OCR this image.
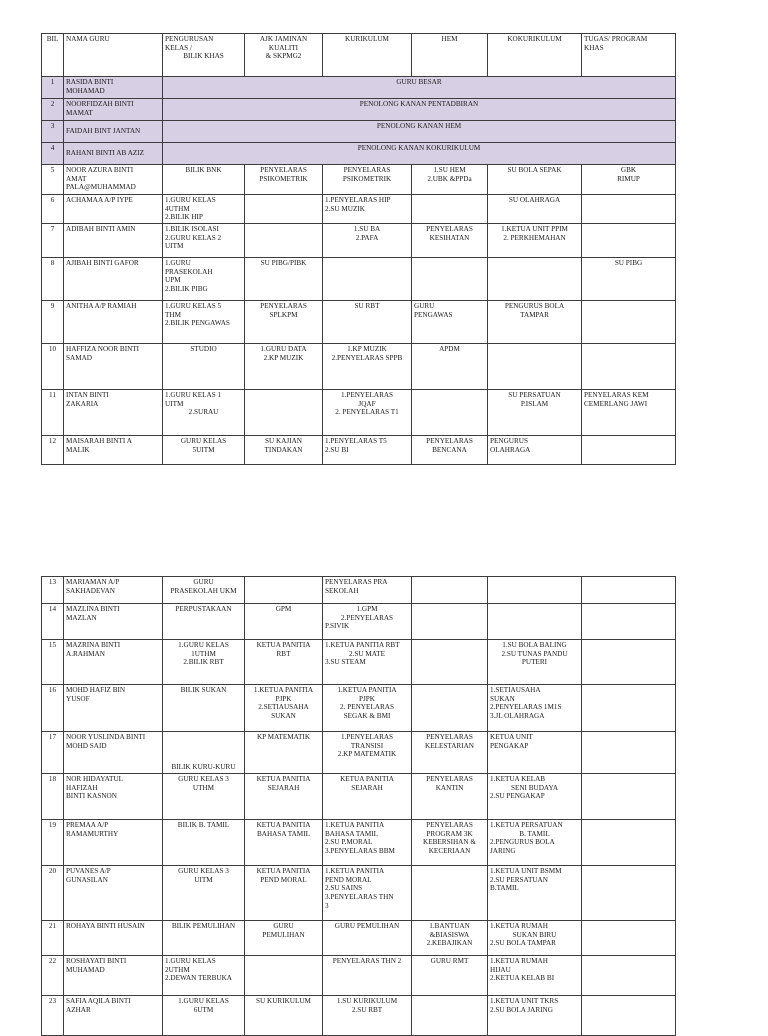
BIL	NAMA GURU	PENGURUSAN
KELAS /
BILIK KHAS	AJK JAMINAN
KUALITI
& SKPMG2	KURIKULUM	HEM	KOKURIKULUM	TUGAS/ PROGRAM
KHAS

1	RASIDA BINTI
MOHAMAD	GURU BESAR					
2	NOORFIDZAH BINTI
MAMAT	PENOLONG KANAN PENTADBIRAN					
3	FAIDAH BINT JANTAN	PENOLONG KANAN HEM					
4	RAHANI BINTI AB AZIZ	PENOLONG KANAN KOKURIKULUM					
5	NOOR AZURA BINTI
AMAT
PALA@MUHAMMAD	BILIK BNK	PENYELARAS
PSIKOMETRIK	PENYELARAS
PSIKOMETRIK	1.SU HEM
2.UBK &PPDa	SU BOLA SEPAK	GBK
RIMUP

6	ACHAMAA A/P IYPE	1.GURU KELAS
4UTHM
2.BILIK HIP		1.PENYELARAS HIP
2.SU MUZIK		SU OLAHRAGA	

7	ADIBAH BINTI AMIN	1.BILIK ISOLASI
2.GURU KELAS 2
UITM		1.SU BA
2.PAFA	PENYELARAS
KESIHATAN	1.KETUA UNIT PPIM
2. PERKHEMAHAN	

8	AJIBAH BINTI GAFOR	1.GURU
PRASEKOLAH
UPM
2.BILIK PIBG	SU PIBG/PIBK				SU PIBG

9	ANITHA A/P RAMIAH	1.GURU KELAS 5
THM
2.BILIK PENGAWAS	PENYELARAS
SPLKPM	SU RBT	GURU
PENGAWAS	PENGURUS BOLA
TAMPAR	

10	HAFFIZA NOOR BINTI
SAMAD	STUDIO	1.GURU DATA
2.KP MUZIK	1.KP MUZIK
2.PENYELARAS SPPB	APDM		

11	INTAN BINTI
ZAKARIA	1.GURU KELAS 1
UITM
2.SURAU		1.PENYELARAS
JQAF
2. PENYELARAS T1		SU PERSATUAN
P.ISLAM	PENYELARAS KEM
CEMERLANG JAWI

12	MAISARAH BINTI A
MALIK	GURU KELAS
5UITM	SU KAJIAN
TINDAKAN	1.PENYELARAS T5
2.SU BI	PENYELARAS
BENCANA	PENGURUS
OLAHRAGA	

13	MARIAMAN A/P
SAKHADEVAN	GURU
PRASEKOLAH UKM		PENYELARAS PRA
SEKOLAH			

14	MAZLINA BINTI
MAZLAN	PERPUSTAKAAN	GPM	1.GPM
2.PENYELARAS
P.SIVIK			

15	MAZRINA BINTI
A.RAHMAN	1.GURU KELAS
1UTHM
2.BILIK RBT	KETUA PANITIA
RBT	1.KETUA PANITIA RBT
2.SU MATE
3.SU STEAM		1.SU BOLA BALING
2.SU TUNAS PANDU
PUTERI	

16	MOHD HAFIZ BIN
YUSOF	BILIK SUKAN	1.KETUA PANITIA
PJPK
2.SETIAUSAHA
SUKAN	1.KETUA PANITIA
PJPK
2. PENYELARAS
SEGAK & BMI		1.SETIAUSAHA
SUKAN
2.PENYELARAS 1M1S
3.JL OLAHRAGA	

17	NOOR YUSLINDA BINTI
MOHD SAID	BILIK KURU-KURU	KP MATEMATIK	1.PENYELARAS
TRANSISI
2.KP MATEMATIK	PENYELARAS
KELESTARIAN	KETUA UNIT
PENGAKAP	

18	NOR HIDAYATUL
HAFIZAH
BINTI KASNON	GURU KELAS 3
UTHM	KETUA PANITIA
SEJARAH	KETUA PANITIA
SEJARAH	PENYELARAS
KANTIN	1.KETUA KELAB
SENI BUDAYA
2.SU PENGAKAP	

19	PREMAA A/P
RAMAMURTHY	BILIK B. TAMIL	KETUA PANITIA
BAHASA TAMIL	1.KETUA PANITIA
BAHASA TAMIL
2.SU P.MORAL
3.PENYELARAS BBM	PENYELARAS
PROGRAM 3K
KEBERSIHAN &
KECERIAAN	1.KETUA PERSATUAN
B. TAMIL
2.PENGURUS BOLA
JARING	

20	PUVANES A/P
GUNASILAN	GURU KELAS 3
UITM	KETUA PANITIA
PEND MORAL	1.KETUA PANITIA
PEND MORAL
2.SU SAINS
3.PENYELARAS THN
3		1.KETUA UNIT BSMM
2.SU PERSATUAN
B.TAMIL	

21	ROHAYA BINTI HUSAIN	BILIK PEMULIHAN	GURU
PEMULIHAN	GURU PEMULIHAN	1.BANTUAN
&BIASISWA
2.KEBAJIKAN	1.KETUA RUMAH
SUKAN BIRU
2.SU BOLA TAMPAR	

22	ROSHAYATI BINTI
MUHAMAD	1.GURU KELAS
2UTHM
2.DEWAN TERBUKA		PENYELARAS THN 2	GURU RMT	1.KETUA RUMAH
HIJAU
2.KETUA KELAB BI	

23	SAFIA AQILA BINTI
AZHAR	1.GURU KELAS
6UTM	SU KURIKULUM	1.SU KURIKULUM
2.SU RBT		1.KETUA UNIT TKRS
2.SU BOLA JARING	
